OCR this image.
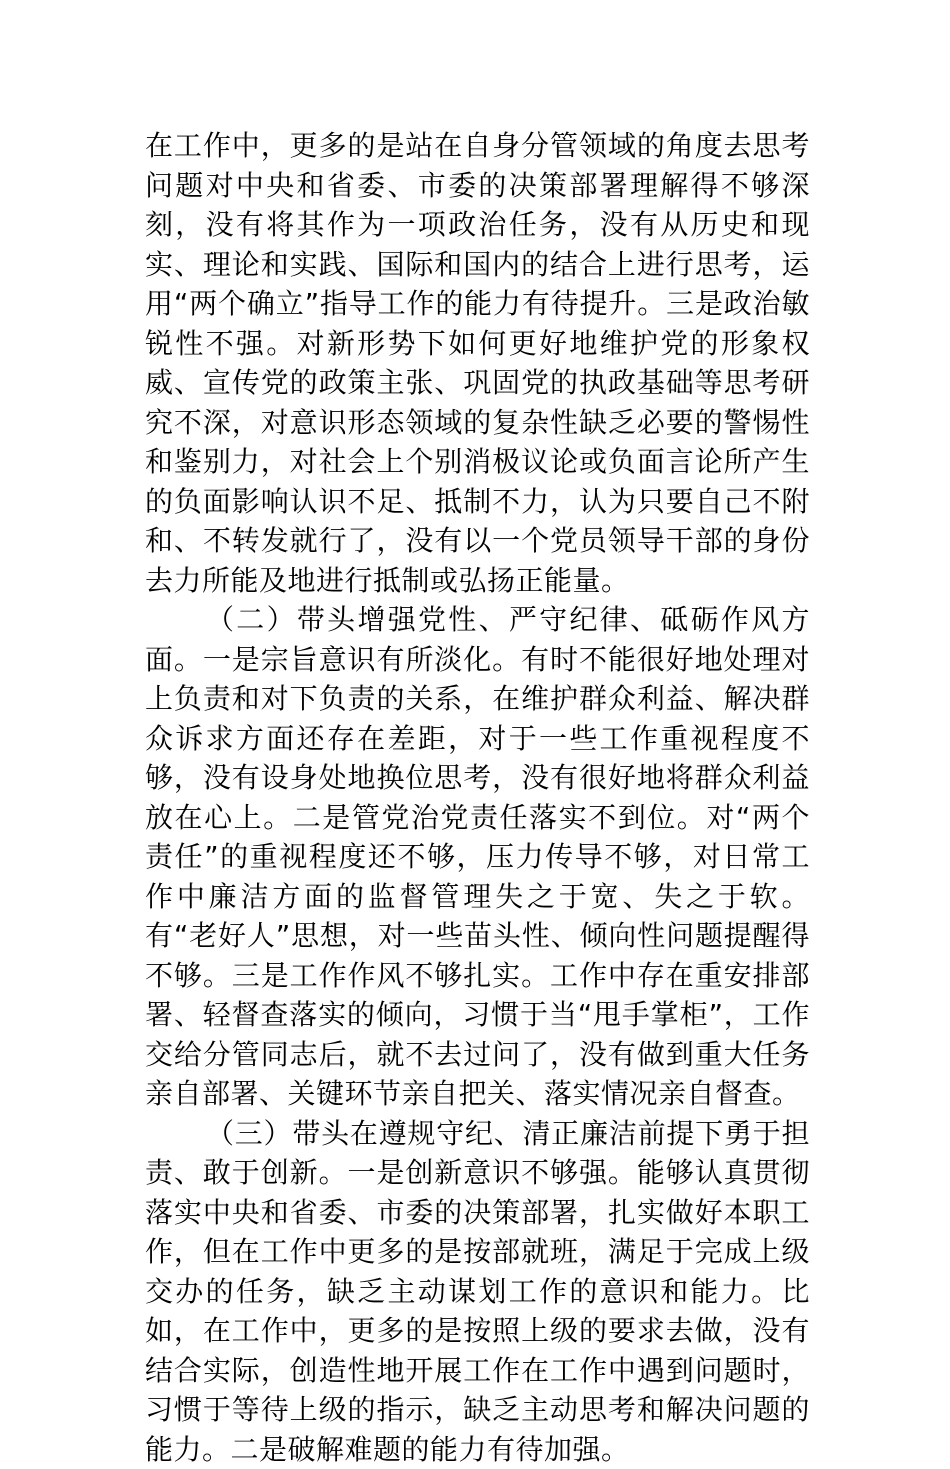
在工作中，更多的是站在自身分管领域的角度去思考问题对中央和省委、市委的决策部署理解得不够深刻，没有将其作为一项政治任务，没有从历史和现实、理论和实践、国际和国内的结合上进行思考，运用“两个确立”指导工作的能力有待提升。三是政治敏锐性不强。对新形势下如何更好地维护党的形象权威、宣传党的政策主张、巩固党的执政基础等思考研究不深，对意识形态领域的复杂性缺乏必要的警惕性和鉴别力，对社会上个别消极议论或负面言论所产生的负面影响认识不足、抵制不力，认为只要自己不附和、不转发就行了，没有以一个党员领导干部的身份去力所能及地进行抵制或弘扬正能量。

（二）带头增强党性、严守纪律、砥砺作风方面。一是宗旨意识有所淡化。有时不能很好地处理对上负责和对下负责的关系，在维护群众利益、解决群众诉求方面还存在差距，对于一些工作重视程度不够，没有设身处地换位思考，没有很好地将群众利益放在心上。二是管党治党责任落实不到位。对“两个责任”的重视程度还不够，压力传导不够，对日常工作中廉洁方面的监督管理失之于宽、失之于软。有“老好人”思想，对一些苗头性、倾向性问题提醒得不够。三是工作作风不够扎实。工作中存在重安排部署、轻督查落实的倾向，习惯于当“甩手掌柜”，工作交给分管同志后，就不去过问了，没有做到重大任务亲自部署、关键环节亲自把关、落实情况亲自督查。

（三）带头在遵规守纪、清正廉洁前提下勇于担责、敢于创新。一是创新意识不够强。能够认真贯彻落实中央和省委、市委的决策部署，扎实做好本职工作，但在工作中更多的是按部就班，满足于完成上级交办的任务，缺乏主动谋划工作的意识和能力。比如，在工作中，更多的是按照上级的要求去做，没有结合实际，创造性地开展工作在工作中遇到问题时，习惯于等待上级的指示，缺乏主动思考和解决问题的能力。二是破解难题的能力有待加强。
